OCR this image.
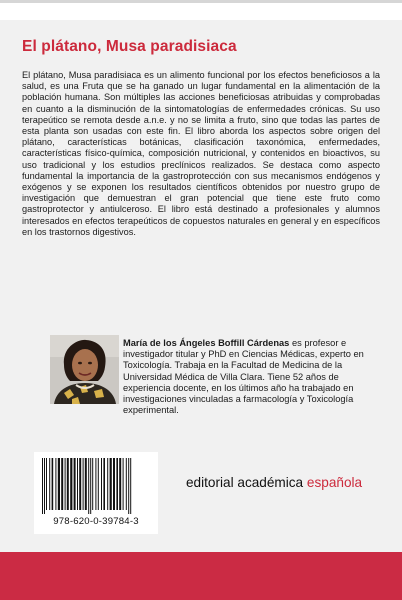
El plátano, Musa paradisiaca

El plátano, Musa paradisiaca es un alimento funcional por los efectos beneficiosos a la salud, es una Fruta que se ha ganado un lugar fundamental en la alimentación de la población humana. Son múltiples las acciones beneficiosas atribuidas y comprobadas en cuanto a la disminución de la sintomatologías de enfermedades crónicas. Su uso terapeútico se remota desde a.n.e. y no se limita a fruto, sino que todas las partes de esta planta son usadas con este fin. El libro aborda los aspectos sobre origen del plátano, características botánicas, clasificación taxonómica, enfermedades, características físico-química, composición nutricional, y contenidos en bioactivos, su uso tradicional y los estudios preclínicos realizados. Se destaca como aspecto fundamental la importancia de la gastroprotección con sus mecanismos endógenos y exógenos y se exponen los resultados científicos obtenidos por nuestro grupo de investigación que demuestran el gran potencial que tiene este fruto como gastroprotector y antiulceroso. El libro está destinado a profesionales y alumnos interesados en efectos terapeúticos de copuestos naturales en general y en específicos en los trastornos digestivos.

María de los Ángeles Boffill Cárdenas es profesor e investigador titular y PhD en Ciencias Médicas, experto en Toxicología. Trabaja en la Facultad de Medicina de la Universidad Médica de Villa Clara. Tiene 52 años de experiencia docente, en los últimos año ha trabajado en investigaciones vinculadas a farmacología y Toxicología experimental.

978-620-0-39784-3
editorial académica española
